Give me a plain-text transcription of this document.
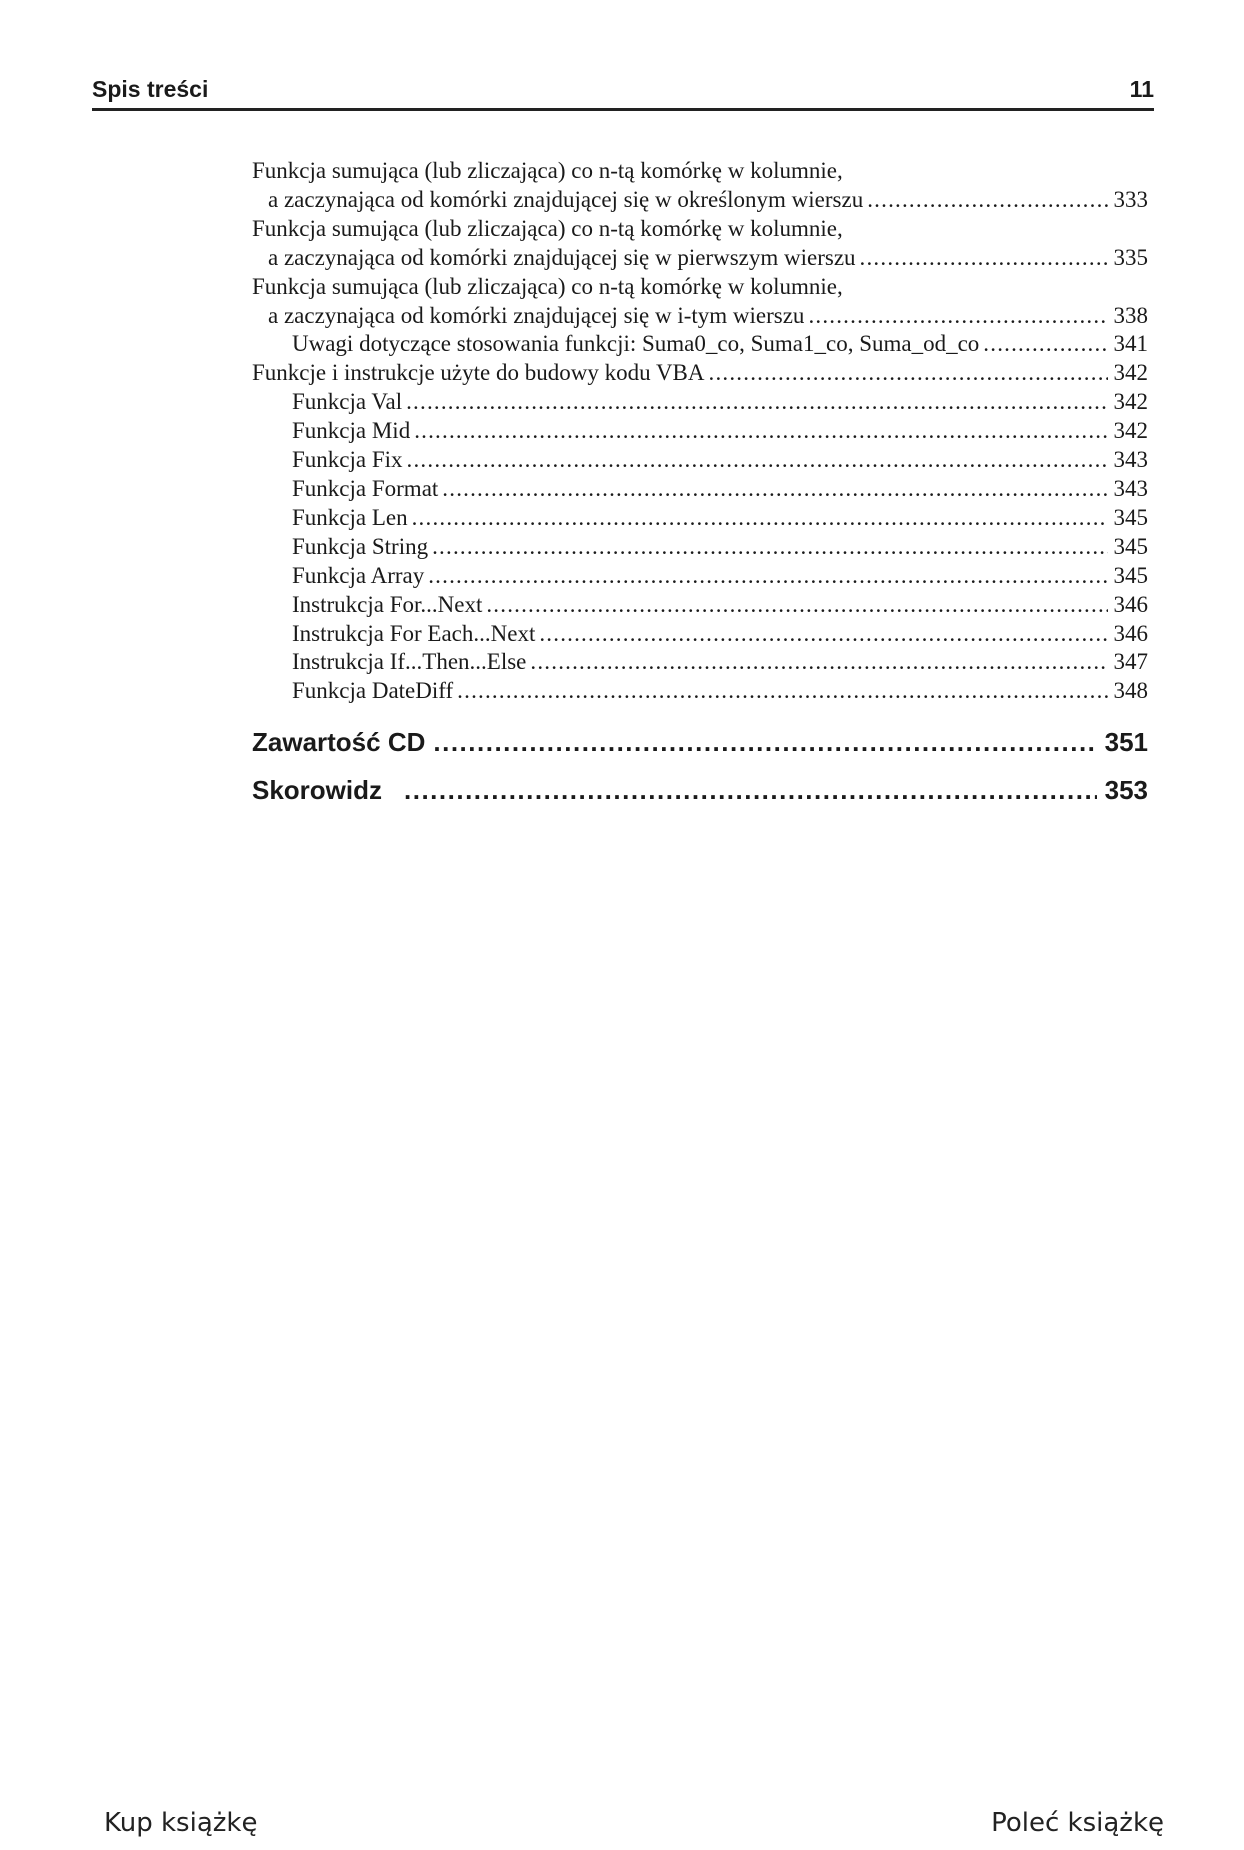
Spis treści	11
Funkcja sumująca (lub zliczająca) co n-tą komórkę w kolumnie,
a zaczynająca od komórki znajdującej się w określonym wierszu .....	333
Funkcja sumująca (lub zliczająca) co n-tą komórkę w kolumnie,
a zaczynająca od komórki znajdującej się w pierwszym wierszu .....	335
Funkcja sumująca (lub zliczająca) co n-tą komórkę w kolumnie,
a zaczynająca od komórki znajdującej się w i-tym wierszu .....	338
Uwagi dotyczące stosowania funkcji: Suma0_co, Suma1_co, Suma_od_co .....	341
Funkcje i instrukcje użyte do budowy kodu VBA .....	342
Funkcja Val .....	342
Funkcja Mid .....	342
Funkcja Fix .....	343
Funkcja Format .....	343
Funkcja Len .....	345
Funkcja String .....	345
Funkcja Array .....	345
Instrukcja For...Next .....	346
Instrukcja For Each...Next .....	346
Instrukcja If...Then...Else .....	347
Funkcja DateDiff .....	348
Zawartość CD .....	351
Skorowidz .....	353
Kup książkę	Poleć książkę
